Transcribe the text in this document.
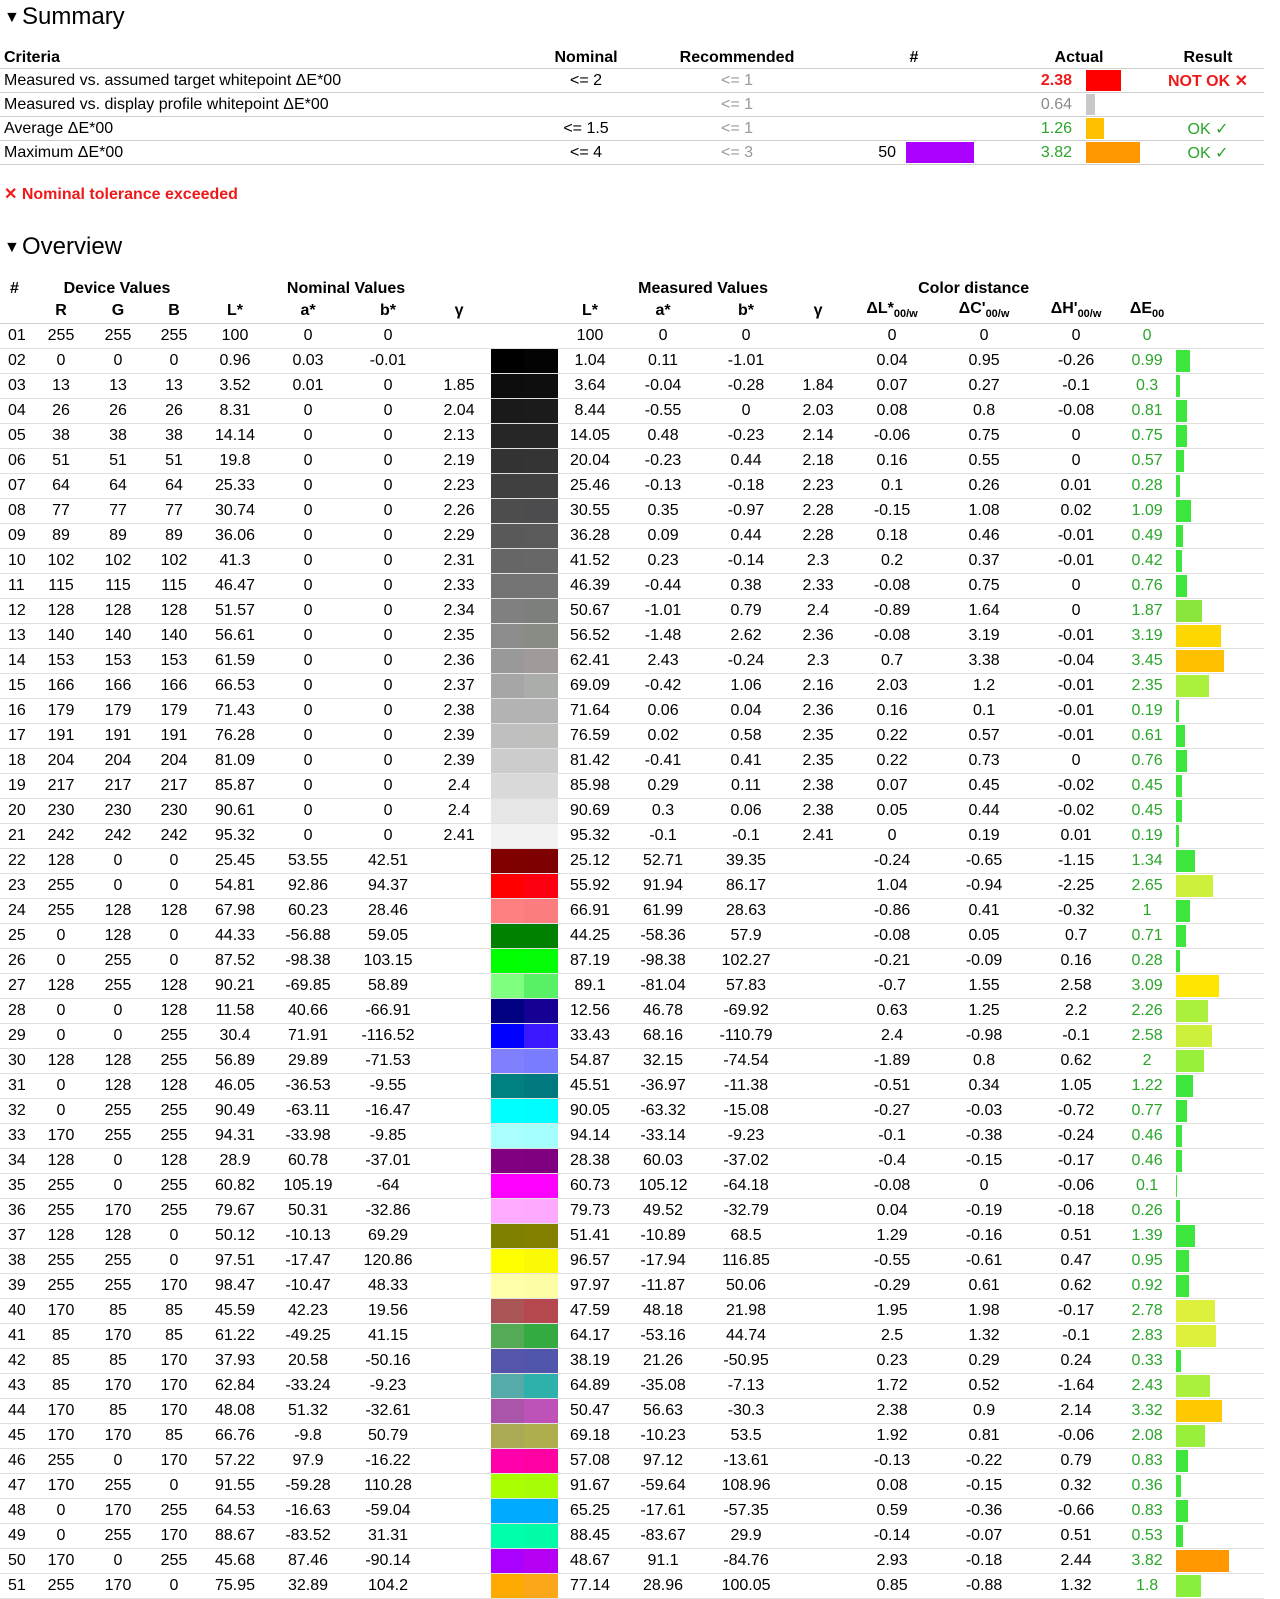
▼Summary
Criteria	Nominal	Recommended	#		Actual		Result
Measured vs. assumed target whitepoint ΔE*00	<= 2	<= 1			2.38		NOT OK ✕
Measured vs. display profile whitepoint ΔE*00		<= 1			0.64	

Average ΔE*00	<= 1.5	<= 1			1.26		OK ✓
Maximum ΔE*00	<= 4	<= 3	50		3.82		OK ✓
✕ Nominal tolerance exceeded
▼Overview
#	Device Values			Nominal Values					Measured Values				Color distance				
	R	G	B	L*	a*	b*	γ		L*	a*	b*	γ	$\Delta L*_{00/w}$	$\Delta C'_{00/w}$	$\Delta H'_{00/w}$	$\Delta E_{00}$	
01	255	255	255	100	0	0			100	0	0		0	0	0	0	

02	0	0	0	0.96	0.03	-0.01			1.04	0.11	-1.01		0.04	0.95	-0.26	0.99	

03	13	13	13	3.52	0.01	0	1.85		3.64	-0.04	-0.28	1.84	0.07	0.27	-0.1	0.3	

04	26	26	26	8.31	0	0	2.04		8.44	-0.55	0	2.03	0.08	0.8	-0.08	0.81	

05	38	38	38	14.14	0	0	2.13		14.05	0.48	-0.23	2.14	-0.06	0.75	0	0.75	

06	51	51	51	19.8	0	0	2.19		20.04	-0.23	0.44	2.18	0.16	0.55	0	0.57	

07	64	64	64	25.33	0	0	2.23		25.46	-0.13	-0.18	2.23	0.1	0.26	0.01	0.28	

08	77	77	77	30.74	0	0	2.26		30.55	0.35	-0.97	2.28	-0.15	1.08	0.02	1.09	

09	89	89	89	36.06	0	0	2.29		36.28	0.09	0.44	2.28	0.18	0.46	-0.01	0.49	

10	102	102	102	41.3	0	0	2.31		41.52	0.23	-0.14	2.3	0.2	0.37	-0.01	0.42	

11	115	115	115	46.47	0	0	2.33		46.39	-0.44	0.38	2.33	-0.08	0.75	0	0.76	

12	128	128	128	51.57	0	0	2.34		50.67	-1.01	0.79	2.4	-0.89	1.64	0	1.87	

13	140	140	140	56.61	0	0	2.35		56.52	-1.48	2.62	2.36	-0.08	3.19	-0.01	3.19	

14	153	153	153	61.59	0	0	2.36		62.41	2.43	-0.24	2.3	0.7	3.38	-0.04	3.45	

15	166	166	166	66.53	0	0	2.37		69.09	-0.42	1.06	2.16	2.03	1.2	-0.01	2.35	

16	179	179	179	71.43	0	0	2.38		71.64	0.06	0.04	2.36	0.16	0.1	-0.01	0.19	

17	191	191	191	76.28	0	0	2.39		76.59	0.02	0.58	2.35	0.22	0.57	-0.01	0.61	

18	204	204	204	81.09	0	0	2.39		81.42	-0.41	0.41	2.35	0.22	0.73	0	0.76	

19	217	217	217	85.87	0	0	2.4		85.98	0.29	0.11	2.38	0.07	0.45	-0.02	0.45	

20	230	230	230	90.61	0	0	2.4		90.69	0.3	0.06	2.38	0.05	0.44	-0.02	0.45	

21	242	242	242	95.32	0	0	2.41		95.32	-0.1	-0.1	2.41	0	0.19	0.01	0.19	

22	128	0	0	25.45	53.55	42.51			25.12	52.71	39.35		-0.24	-0.65	-1.15	1.34	

23	255	0	0	54.81	92.86	94.37			55.92	91.94	86.17		1.04	-0.94	-2.25	2.65	

24	255	128	128	67.98	60.23	28.46			66.91	61.99	28.63		-0.86	0.41	-0.32	1	

25	0	128	0	44.33	-56.88	59.05			44.25	-58.36	57.9		-0.08	0.05	0.7	0.71	

26	0	255	0	87.52	-98.38	103.15			87.19	-98.38	102.27		-0.21	-0.09	0.16	0.28	

27	128	255	128	90.21	-69.85	58.89			89.1	-81.04	57.83		-0.7	1.55	2.58	3.09	

28	0	0	128	11.58	40.66	-66.91			12.56	46.78	-69.92		0.63	1.25	2.2	2.26	

29	0	0	255	30.4	71.91	-116.52			33.43	68.16	-110.79		2.4	-0.98	-0.1	2.58	

30	128	128	255	56.89	29.89	-71.53			54.87	32.15	-74.54		-1.89	0.8	0.62	2	

31	0	128	128	46.05	-36.53	-9.55			45.51	-36.97	-11.38		-0.51	0.34	1.05	1.22	

32	0	255	255	90.49	-63.11	-16.47			90.05	-63.32	-15.08		-0.27	-0.03	-0.72	0.77	

33	170	255	255	94.31	-33.98	-9.85			94.14	-33.14	-9.23		-0.1	-0.38	-0.24	0.46	

34	128	0	128	28.9	60.78	-37.01			28.38	60.03	-37.02		-0.4	-0.15	-0.17	0.46	

35	255	0	255	60.82	105.19	-64			60.73	105.12	-64.18		-0.08	0	-0.06	0.1	

36	255	170	255	79.67	50.31	-32.86			79.73	49.52	-32.79		0.04	-0.19	-0.18	0.26	

37	128	128	0	50.12	-10.13	69.29			51.41	-10.89	68.5		1.29	-0.16	0.51	1.39	

38	255	255	0	97.51	-17.47	120.86			96.57	-17.94	116.85		-0.55	-0.61	0.47	0.95	

39	255	255	170	98.47	-10.47	48.33			97.97	-11.87	50.06		-0.29	0.61	0.62	0.92	

40	170	85	85	45.59	42.23	19.56			47.59	48.18	21.98		1.95	1.98	-0.17	2.78	

41	85	170	85	61.22	-49.25	41.15			64.17	-53.16	44.74		2.5	1.32	-0.1	2.83	

42	85	85	170	37.93	20.58	-50.16			38.19	21.26	-50.95		0.23	0.29	0.24	0.33	

43	85	170	170	62.84	-33.24	-9.23			64.89	-35.08	-7.13		1.72	0.52	-1.64	2.43	

44	170	85	170	48.08	51.32	-32.61			50.47	56.63	-30.3		2.38	0.9	2.14	3.32	

45	170	170	85	66.76	-9.8	50.79			69.18	-10.23	53.5		1.92	0.81	-0.06	2.08	

46	255	0	170	57.22	97.9	-16.22			57.08	97.12	-13.61		-0.13	-0.22	0.79	0.83	

47	170	255	0	91.55	-59.28	110.28			91.67	-59.64	108.96		0.08	-0.15	0.32	0.36	

48	0	170	255	64.53	-16.63	-59.04			65.25	-17.61	-57.35		0.59	-0.36	-0.66	0.83	

49	0	255	170	88.67	-83.52	31.31			88.45	-83.67	29.9		-0.14	-0.07	0.51	0.53	

50	170	0	255	45.68	87.46	-90.14			48.67	91.1	-84.76		2.93	-0.18	2.44	3.82	

51	255	170	0	75.95	32.89	104.2			77.14	28.96	100.05		0.85	-0.88	1.32	1.8	
